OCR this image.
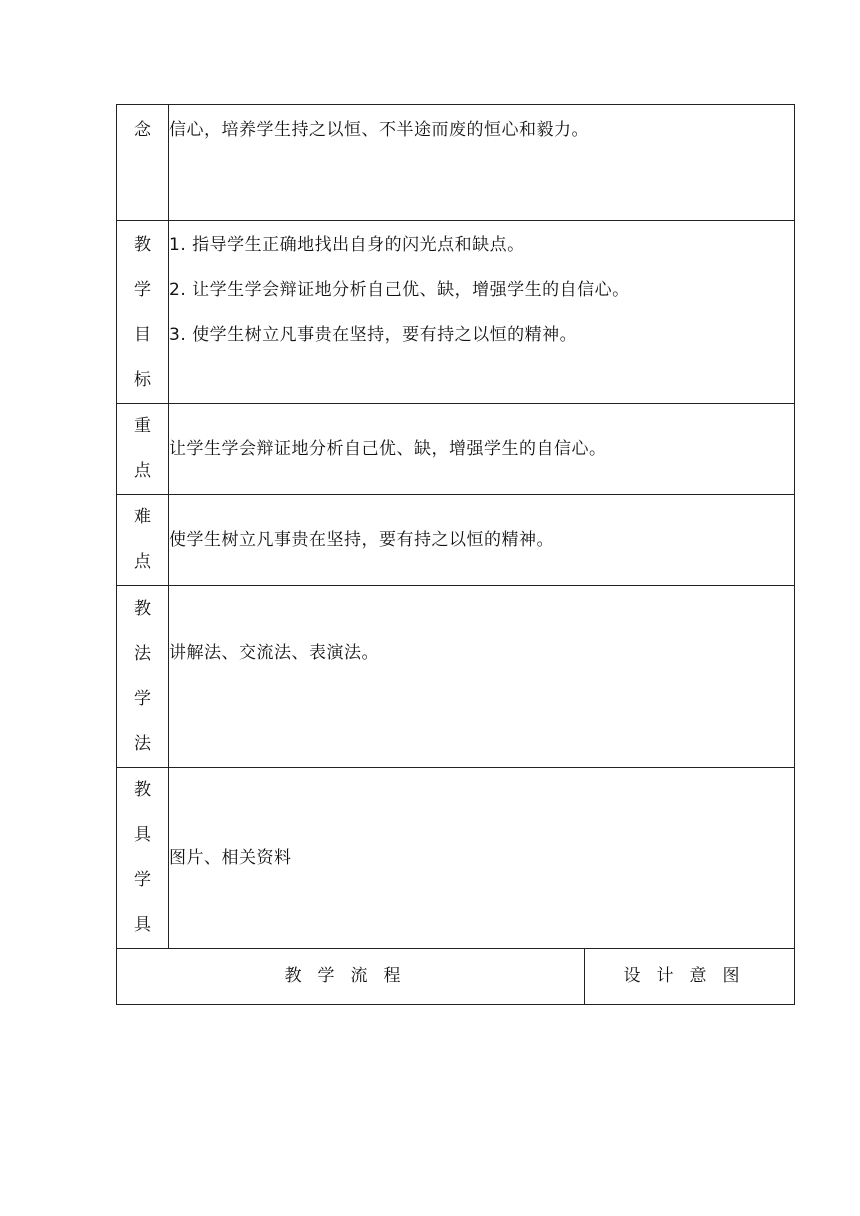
念	信心，培养学生持之以恒、不半途而废的恒心和毅力。	

教
学
目
标	1. 指导学生正确地找出自身的闪光点和缺点。
2. 让学生学会辩证地分析自己优、缺，增强学生的自信心。
3. 使学生树立凡事贵在坚持，要有持之以恒的精神。	

重
点	让学生学会辩证地分析自己优、缺，增强学生的自信心。	

难
点	使学生树立凡事贵在坚持，要有持之以恒的精神。	

教
法
学
法	讲解法、交流法、表演法。	

教
具
学
具	图片、相关资料	

教学流程		设计意图
